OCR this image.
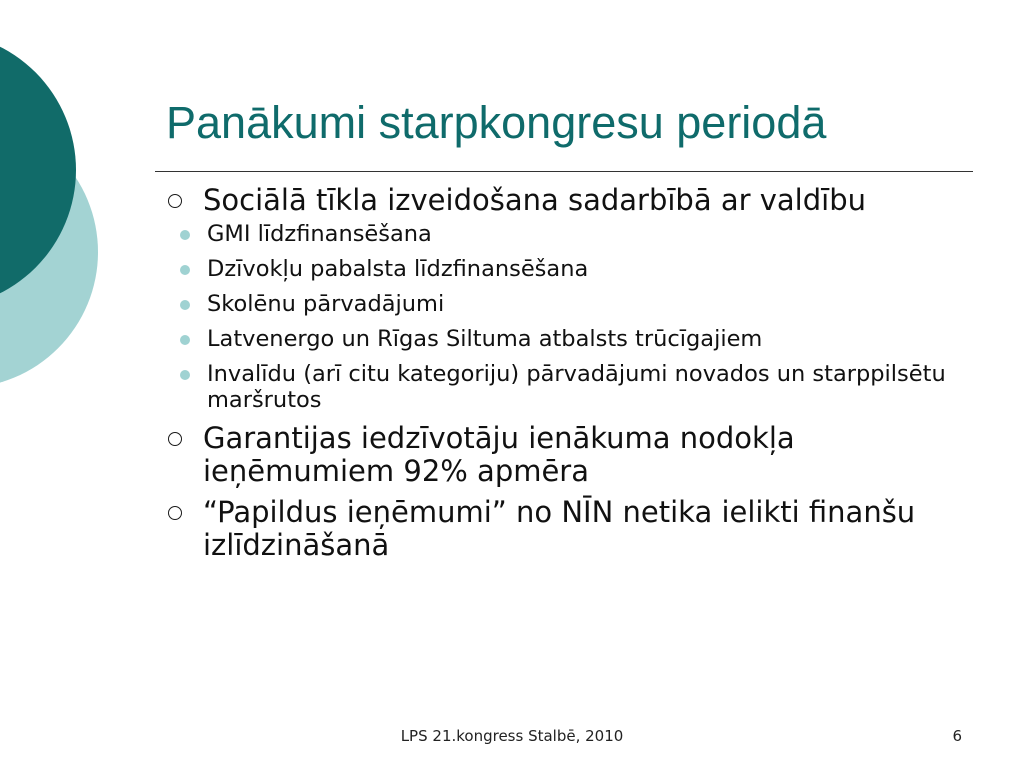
Panākumi starpkongresu periodā
Sociālā tīkla izveidošana sadarbībā ar valdību
GMI līdzfinansēšana
Dzīvokļu pabalsta līdzfinansēšana
Skolēnu pārvadājumi
Latvenergo un Rīgas Siltuma atbalsts trūcīgajiem
Invalīdu (arī citu kategoriju) pārvadājumi novados un starppilsētu maršrutos
Garantijas iedzīvotāju ienākuma nodokļa ieņēmumiem 92% apmēra
“Papildus ieņēmumi” no NĪN netika ielikti finanšu izlīdzināšanā
LPS 21.kongress Stalbē, 2010	6
